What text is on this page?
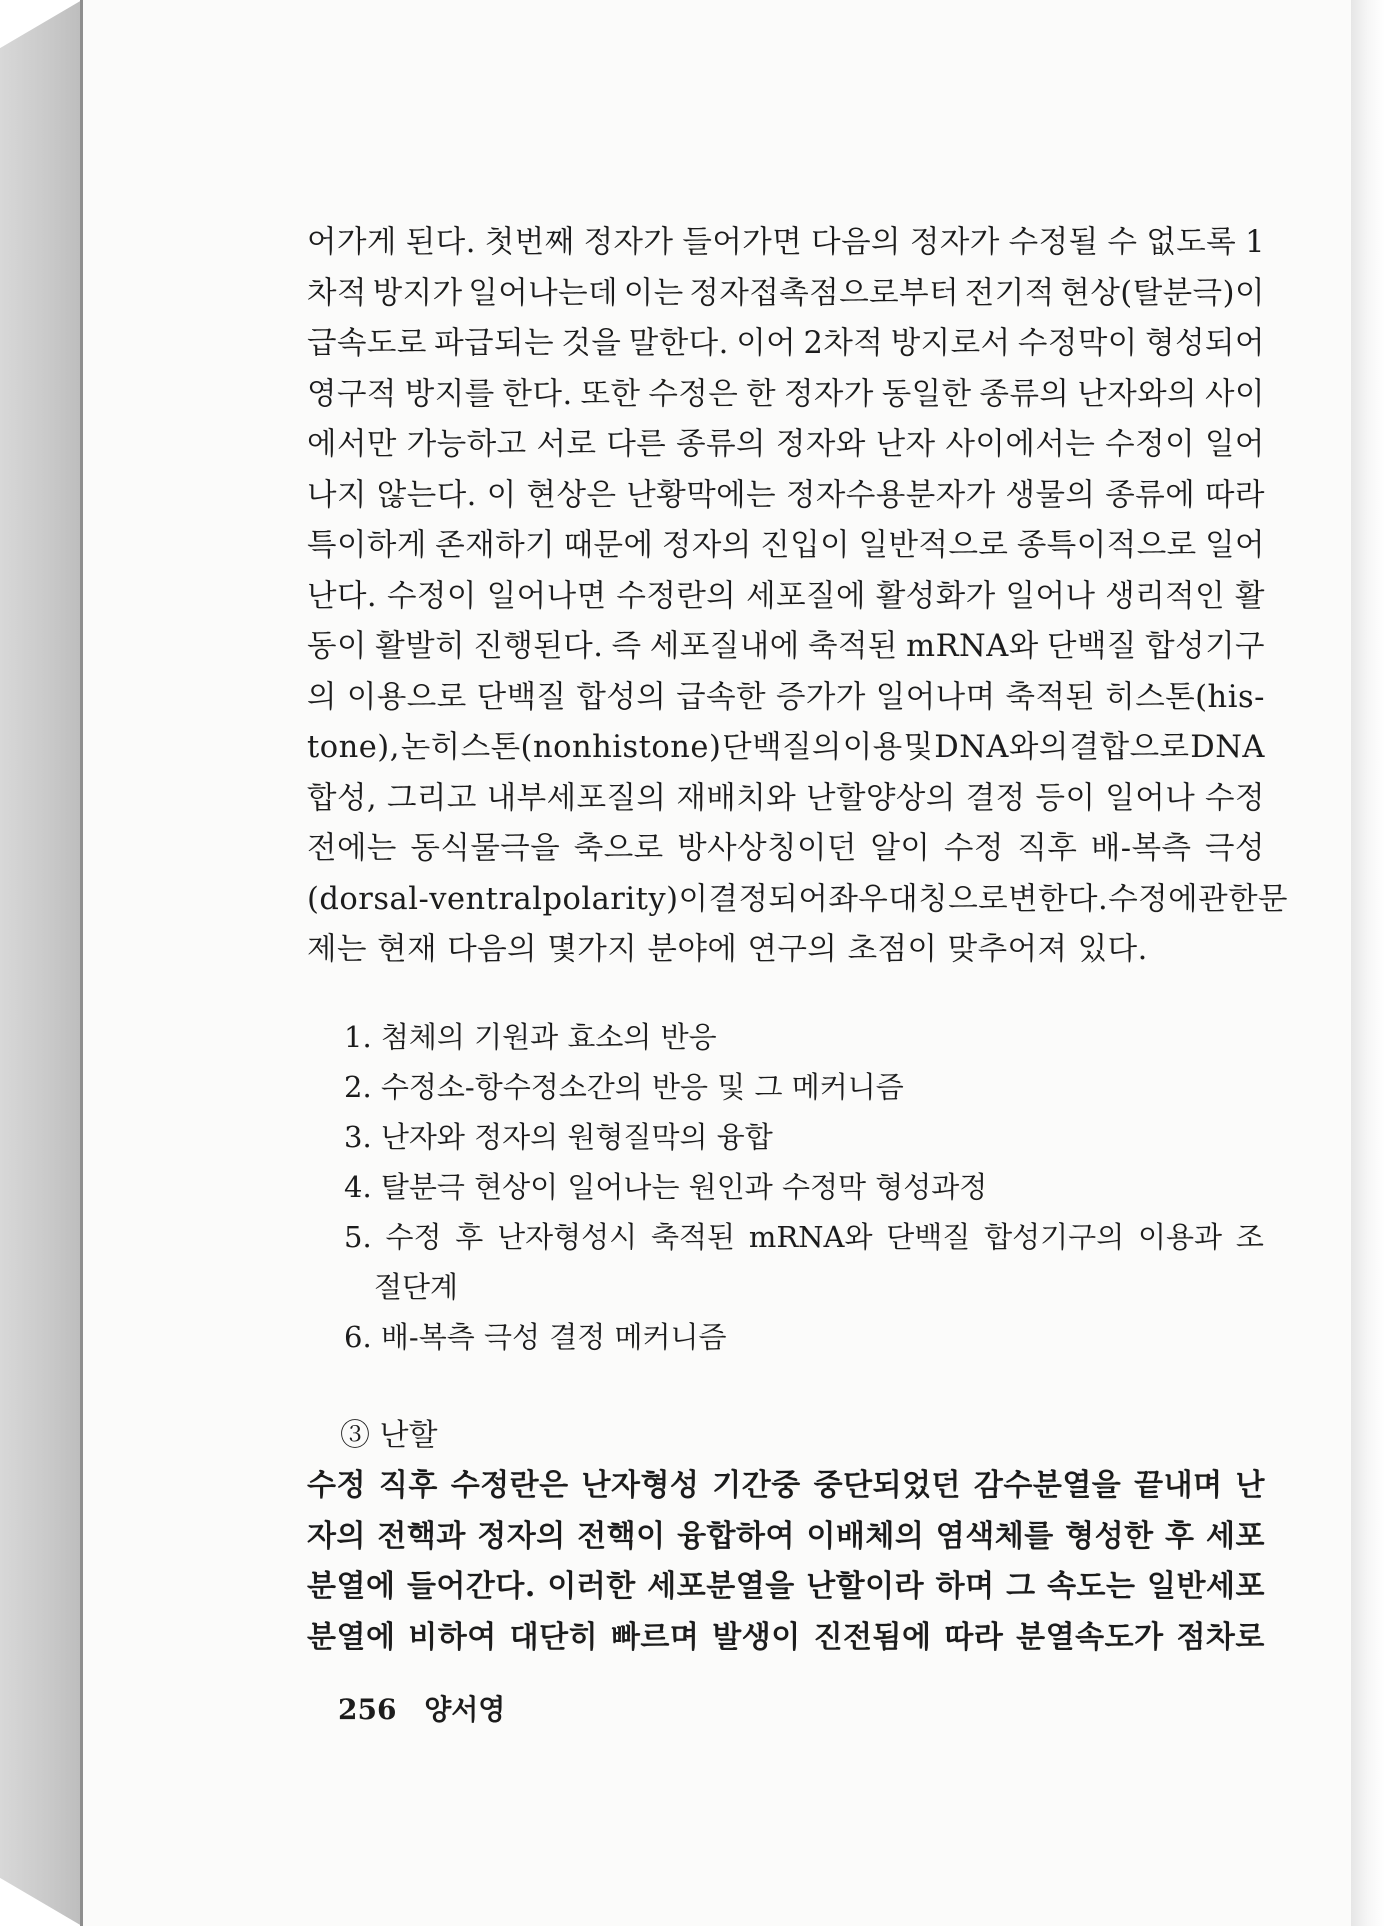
어가게 된다. 첫번째 정자가 들어가면 다음의 정자가 수정될 수 없도록 1
차적 방지가 일어나는데 이는 정자접촉점으로부터 전기적 현상(탈분극)이
급속도로 파급되는 것을 말한다. 이어 2차적 방지로서 수정막이 형성되어
영구적 방지를 한다. 또한 수정은 한 정자가 동일한 종류의 난자와의 사이
에서만 가능하고 서로 다른 종류의 정자와 난자 사이에서는 수정이 일어
나지 않는다. 이 현상은 난황막에는 정자수용분자가 생물의 종류에 따라
특이하게 존재하기 때문에 정자의 진입이 일반적으로 종특이적으로 일어
난다. 수정이 일어나면 수정란의 세포질에 활성화가 일어나 생리적인 활
동이 활발히 진행된다. 즉 세포질내에 축적된 mRNA와 단백질 합성기구
의 이용으로 단백질 합성의 급속한 증가가 일어나며 축적된 히스톤(his-
tone), 논히스톤(nonhistone) 단백질의 이용 및 DNA와의 결합으로 DNA
합성, 그리고 내부세포질의 재배치와 난할양상의 결정 등이 일어나 수정
전에는 동식물극을 축으로 방사상칭이던 알이 수정 직후 배-복측 극성
(dorsal-ventral polarity)이 결정되어 좌우대칭으로 변한다. 수정에 관한 문
제는 현재 다음의 몇가지 분야에 연구의 초점이 맞추어져 있다.
1. 첨체의 기원과 효소의 반응
2. 수정소-항수정소간의 반응 및 그 메커니즘
3. 난자와 정자의 원형질막의 융합
4. 탈분극 현상이 일어나는 원인과 수정막 형성과정
5. 수정 후 난자형성시 축적된 mRNA와 단백질 합성기구의 이용과 조
절단계
6. 배-복측 극성 결정 메커니즘
③ 난할
수정 직후 수정란은 난자형성 기간중 중단되었던 감수분열을 끝내며 난
자의 전핵과 정자의 전핵이 융합하여 이배체의 염색체를 형성한 후 세포
분열에 들어간다. 이러한 세포분열을 난할이라 하며 그 속도는 일반세포
분열에 비하여 대단히 빠르며 발생이 진전됨에 따라 분열속도가 점차로
256 양서영
